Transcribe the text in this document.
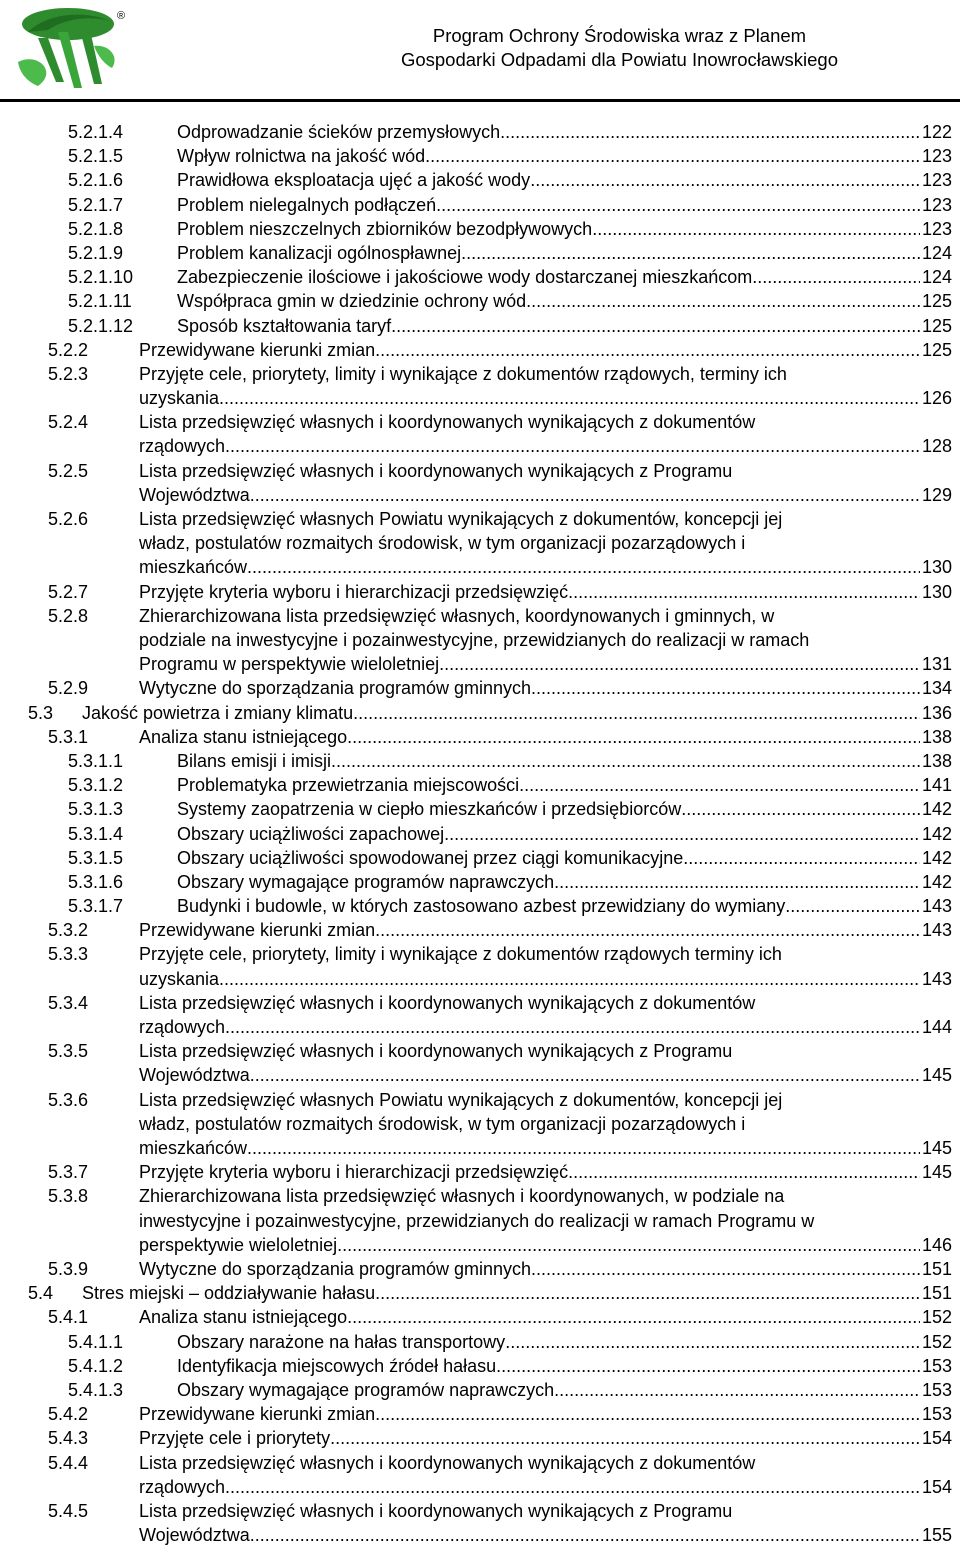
®
Program Ochrony Środowiska wraz z Planem
Gospodarki Odpadami dla Powiatu Inowrocławskiego
5.2.1.4	Odprowadzanie ścieków przemysłowych .....	122
5.2.1.5	Wpływ rolnictwa na jakość wód .....	123
5.2.1.6	Prawidłowa eksploatacja ujęć a jakość wody .....	123
5.2.1.7	Problem nielegalnych podłączeń .....	123
5.2.1.8	Problem nieszczelnych zbiorników bezodpływowych .....	123
5.2.1.9	Problem kanalizacji ogólnospławnej .....	124
5.2.1.10 Zabezpieczenie ilościowe i jakościowe wody dostarczanej mieszkańcom .....	124
5.2.1.11	Współpraca gmin w dziedzinie ochrony wód .....	125
5.2.1.12 Sposób kształtowania taryf .....	125
5.2.2	Przewidywane kierunki zmian .....	125
5.2.3	Przyjęte cele, priorytety, limity i wynikające z dokumentów rządowych, terminy ich
uzyskania .....	126
5.2.4	Lista przedsięwzięć własnych i koordynowanych wynikających z dokumentów
rządowych .....	128
5.2.5	Lista przedsięwzięć własnych i koordynowanych wynikających z Programu
Województwa .....	129
5.2.6	Lista przedsięwzięć własnych Powiatu wynikających z dokumentów, koncepcji jej
władz, postulatów rozmaitych środowisk, w tym organizacji pozarządowych i
mieszkańców .....	130
5.2.7	Przyjęte kryteria wyboru i hierarchizacji przedsięwzięć .....	130
5.2.8	Zhierarchizowana lista przedsięwzięć własnych, koordynowanych i gminnych, w
podziale na inwestycyjne i pozainwestycyjne, przewidzianych do realizacji w ramach
Programu w perspektywie wieloletniej .....	131
5.2.9	Wytyczne do sporządzania programów gminnych .....	134
5.3 Jakość powietrza i zmiany klimatu .....	136
5.3.1	Analiza stanu istniejącego .....	138
5.3.1.1	Bilans emisji i imisji .....	138
5.3.1.2	Problematyka przewietrzania miejscowości .....	141
5.3.1.3	Systemy zaopatrzenia w ciepło mieszkańców i przedsiębiorców .....	142
5.3.1.4	Obszary uciążliwości zapachowej .....	142
5.3.1.5	Obszary uciążliwości spowodowanej przez ciągi komunikacyjne .....	142
5.3.1.6	Obszary wymagające programów naprawczych .....	142
5.3.1.7	Budynki i budowle, w których zastosowano azbest przewidziany do wymiany .....	143
5.3.2	Przewidywane kierunki zmian .....	143
5.3.3	Przyjęte cele, priorytety, limity i wynikające z dokumentów rządowych terminy ich
uzyskania .....	143
5.3.4	Lista przedsięwzięć własnych i koordynowanych wynikających z dokumentów
rządowych .....	144
5.3.5	Lista przedsięwzięć własnych i koordynowanych wynikających z Programu
Województwa .....	145
5.3.6	Lista przedsięwzięć własnych Powiatu wynikających z dokumentów, koncepcji jej
władz, postulatów rozmaitych środowisk, w tym organizacji pozarządowych i
mieszkańców .....	145
5.3.7	Przyjęte kryteria wyboru i hierarchizacji przedsięwzięć .....	145
5.3.8	Zhierarchizowana lista przedsięwzięć własnych i koordynowanych, w podziale na
inwestycyjne i pozainwestycyjne, przewidzianych do realizacji w ramach Programu w
perspektywie wieloletniej .....	146
5.3.9	Wytyczne do sporządzania programów gminnych .....	151
5.4 Stres miejski – oddziaływanie hałasu .....	151
5.4.1	Analiza stanu istniejącego .....	152
5.4.1.1	Obszary narażone na hałas transportowy .....	152
5.4.1.2	Identyfikacja miejscowych źródeł hałasu .....	153
5.4.1.3	Obszary wymagające programów naprawczych .....	153
5.4.2	Przewidywane kierunki zmian .....	153
5.4.3	Przyjęte cele i priorytety .....	154
5.4.4	Lista przedsięwzięć własnych i koordynowanych wynikających z dokumentów
rządowych .....	154
5.4.5	Lista przedsięwzięć własnych i koordynowanych wynikających z Programu
Województwa .....	155
